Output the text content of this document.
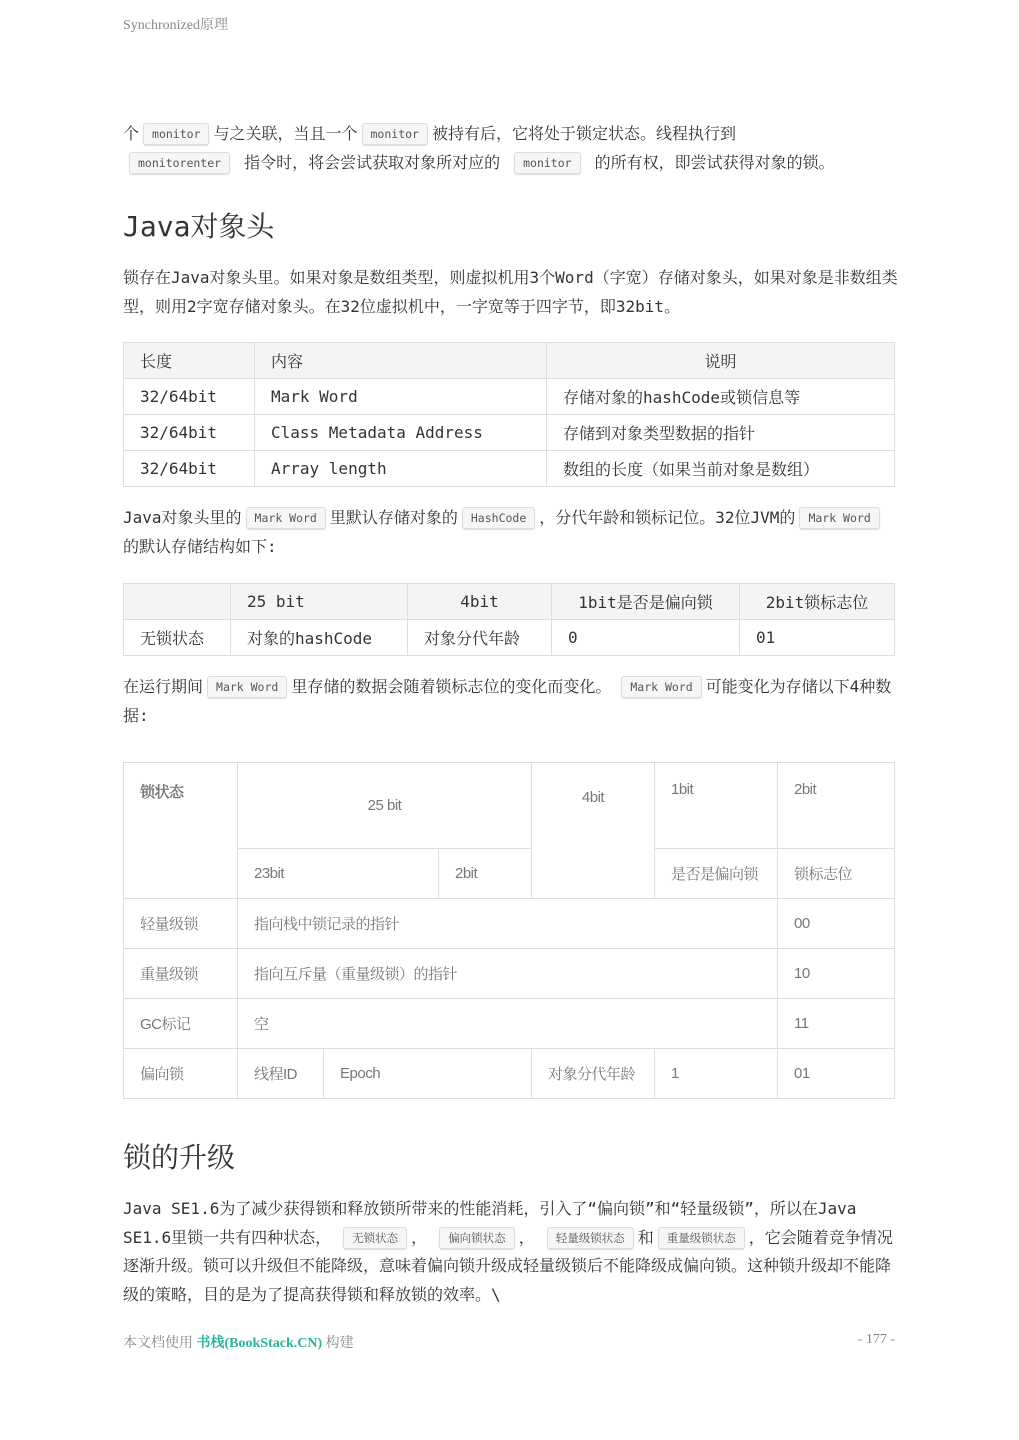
Synchronized原理
个 monitor 与之关联，当且一个 monitor 被持有后，它将处于锁定状态。线程执行到
monitorenter 指令时，将会尝试获取对象所对应的 monitor 的所有权，即尝试获得对象的锁。
Java对象头
锁存在Java对象头里。如果对象是数组类型，则虚拟机用3个Word（字宽）存储对象头，如果对象是非数组类型，则用2字宽存储对象头。在32位虚拟机中，一字宽等于四字节，即32bit。
长度	内容	说明
32/64bit	Mark Word	存储对象的hashCode或锁信息等
32/64bit	Class Metadata Address	存储到对象类型数据的指针
32/64bit	Array length	数组的长度（如果当前对象是数组）
Java对象头里的 Mark Word 里默认存储对象的 HashCode ，分代年龄和锁标记位。32位JVM的 Mark Word的默认存储结构如下:
	25 bit	4bit	1bit是否是偏向锁	2bit锁标志位
无锁状态	对象的hashCode	对象分代年龄	0	01
在运行期间 Mark Word 里存储的数据会随着锁标志位的变化而变化。 Mark Word 可能变化为存储以下4种数据:
锁状态	25 bit			4bit	1bit	2bit
	23bit		2bit		是否是偏向锁	锁标志位
轻量级锁	指向栈中锁记录的指针					00
重量级锁	指向互斥量（重量级锁）的指针					10
GC标记	空					11
偏向锁	线程ID	Epoch		对象分代年龄	1	01
锁的升级
Java SE1.6为了减少获得锁和释放锁所带来的性能消耗，引入了“偏向锁”和“轻量级锁”，所以在Java SE1.6里锁一共有四种状态， 无锁状态 ， 偏向锁状态 ， 轻量级锁状态 和 重量级锁状态 ，它会随着竞争情况逐渐升级。锁可以升级但不能降级，意味着偏向锁升级成轻量级锁后不能降级成偏向锁。这种锁升级却不能降级的策略，目的是为了提高获得锁和释放锁的效率。\
本文档使用 书栈(BookStack.CN) 构建	- 177 -
